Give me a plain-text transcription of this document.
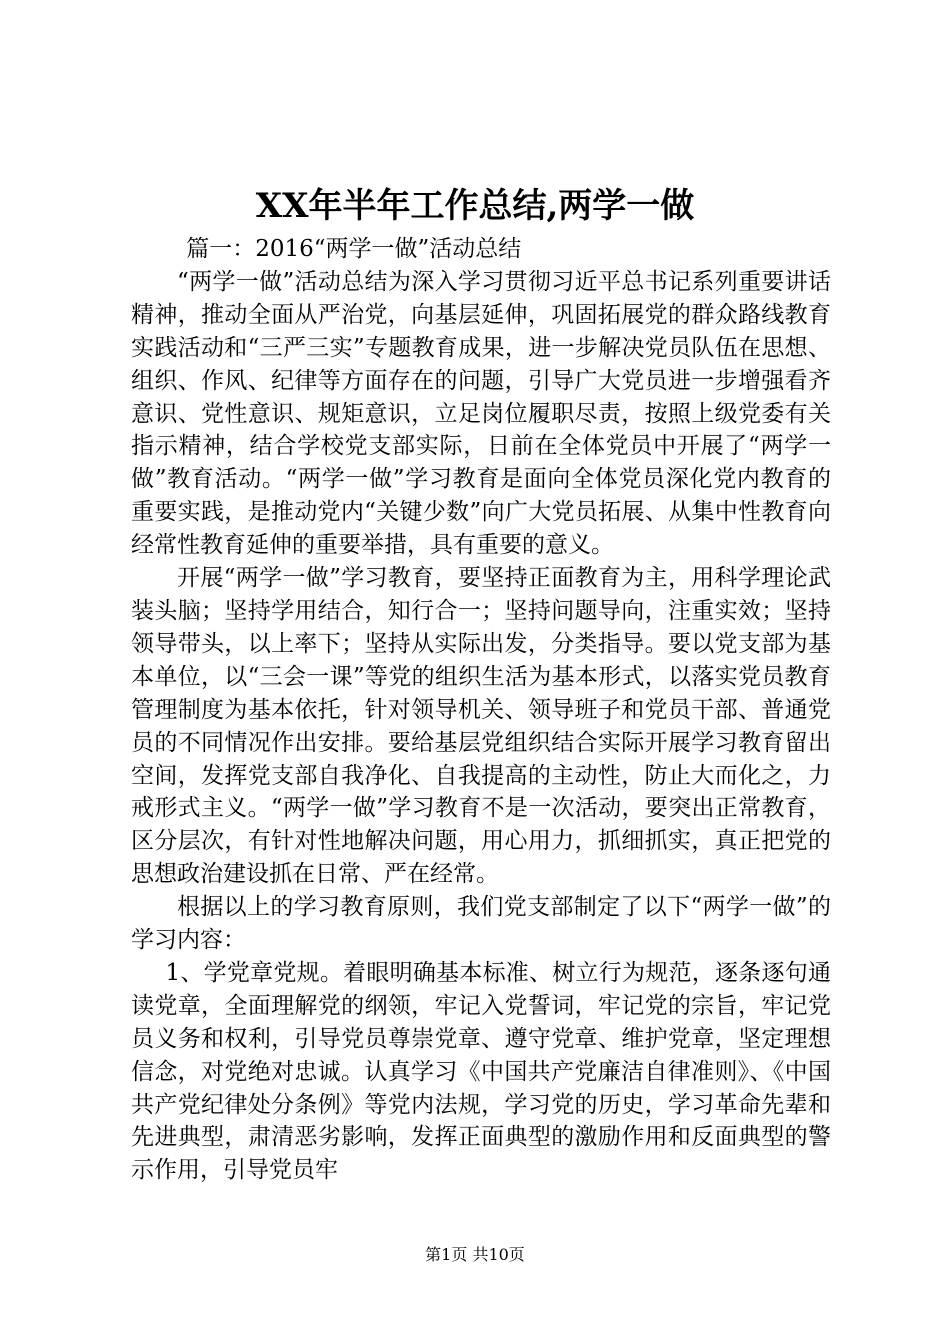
XX年半年工作总结,两学一做

篇一：2016“两学一做”活动总结

“两学一做”活动总结为深入学习贯彻习近平总书记系列重要讲话精神，推动全面从严治党，向基层延伸，巩固拓展党的群众路线教育实践活动和“三严三实”专题教育成果，进一步解决党员队伍在思想、组织、作风、纪律等方面存在的问题，引导广大党员进一步增强看齐意识、党性意识、规矩意识，立足岗位履职尽责，按照上级党委有关指示精神，结合学校党支部实际，日前在全体党员中开展了“两学一做”教育活动。“两学一做”学习教育是面向全体党员深化党内教育的重要实践，是推动党内“关键少数”向广大党员拓展、从集中性教育向经常性教育延伸的重要举措，具有重要的意义。

开展“两学一做”学习教育，要坚持正面教育为主，用科学理论武装头脑；坚持学用结合，知行合一；坚持问题导向，注重实效；坚持领导带头，以上率下；坚持从实际出发，分类指导。要以党支部为基本单位，以“三会一课”等党的组织生活为基本形式，以落实党员教育管理制度为基本依托，针对领导机关、领导班子和党员干部、普通党员的不同情况作出安排。要给基层党组织结合实际开展学习教育留出空间，发挥党支部自我净化、自我提高的主动性，防止大而化之，力戒形式主义。“两学一做”学习教育不是一次活动，要突出正常教育，区分层次，有针对性地解决问题，用心用力，抓细抓实，真正把党的思想政治建设抓在日常、严在经常。

根据以上的学习教育原则，我们党支部制定了以下“两学一做”的学习内容：

1、学党章党规。着眼明确基本标准、树立行为规范，逐条逐句通读党章，全面理解党的纲领，牢记入党誓词，牢记党的宗旨，牢记党员义务和权利，引导党员尊崇党章、遵守党章、维护党章，坚定理想信念，对党绝对忠诚。认真学习《中国共产党廉洁自律准则》、《中国共产党纪律处分条例》等党内法规，学习党的历史，学习革命先辈和先进典型，肃清恶劣影响，发挥正面典型的激励作用和反面典型的警示作用，引导党员牢

第1页 共10页
